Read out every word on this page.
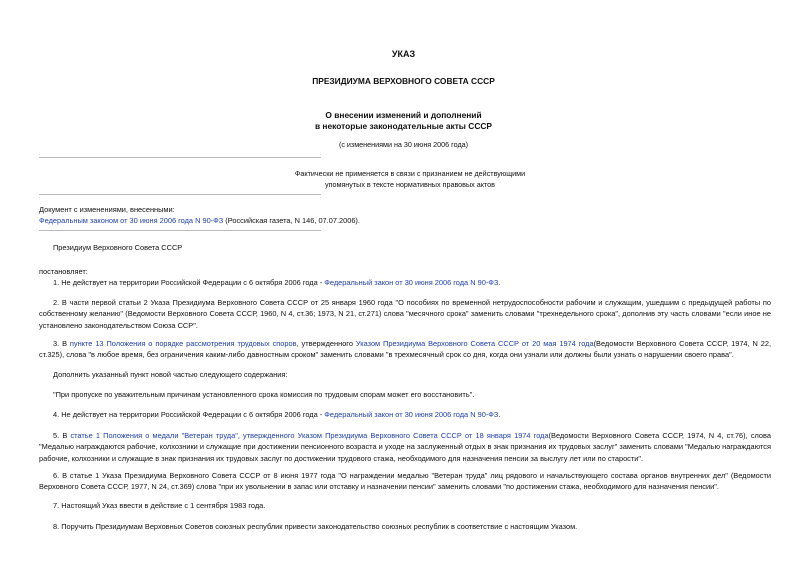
УКАЗ
ПРЕЗИДИУМА ВЕРХОВНОГО СОВЕТА СССР
О внесении изменений и дополнений
в некоторые законодательные акты СССР
(с изменениями на 30 июня 2006 года)
Фактически не применяется в связи с признанием не действующими
упомянутых в тексте нормативных правовых актов
Документ с изменениями, внесенными:
Федеральным законом от 30 июня 2006 года N 90-ФЗ (Российская газета, N 146, 07.07.2006).
Президиум Верховного Совета СССР
постановляет:
1. Не действует на территории Российской Федерации с 6 октября 2006 года - Федеральный закон от 30 июня 2006 года N 90-ФЗ.
2. В части первой статьи 2 Указа Президиума Верховного Совета СССР от 25 января 1960 года "О пособиях по временной нетрудоспособности рабочим и служащим, ушедшим с предыдущей работы по собственному желанию" (Ведомости Верховного Совета СССР, 1960, N 4, ст.36; 1973, N 21, ст.271) слова "месячного срока" заменить словами "трехнедельного срока", дополнив эту часть словами "если иное не установлено законодательством Союза ССР".
3. В пункте 13 Положения о порядке рассмотрения трудовых споров, утвержденного Указом Президиума Верховного Совета СССР от 20 мая 1974 года(Ведомости Верховного Совета СССР, 1974, N 22, ст.325), слова "в любое время, без ограничения каким-либо давностным сроком" заменить словами "в трехмесячный срок со дня, когда они узнали или должны были узнать о нарушении своего права".
Дополнить указанный пункт новой частью следующего содержания:
"При пропуске по уважительным причинам установленного срока комиссия по трудовым спорам может его восстановить".
4. Не действует на территории Российской Федерации с 6 октября 2006 года - Федеральный закон от 30 июня 2006 года N 90-ФЗ.
5. В статье 1 Положения о медали "Ветеран труда", утвержденного Указом Президиума Верховного Совета СССР от 18 января 1974 года(Ведомости Верховного Совета СССР, 1974, N 4, ст.76), слова "Медалью награждаются рабочие, колхозники и служащие при достижении пенсионного возраста и уходе на заслуженный отдых в знак признания их трудовых заслуг" заменить словами "Медалью награждаются рабочие, колхозники и служащие в знак признания их трудовых заслуг по достижении трудового стажа, необходимого для назначения пенсии за выслугу лет или по старости".
6. В статье 1 Указа Президиума Верховного Совета СССР от 8 июня 1977 года "О награждении медалью "Ветеран труда" лиц рядового и начальствующего состава органов внутренних дел" (Ведомости Верховного Совета СССР, 1977, N 24, ст.369) слова "при их увольнении в запас или отставку и назначении пенсии" заменить словами "по достижении стажа, необходимого для назначения пенсии".
7. Настоящий Указ ввести в действие с 1 сентября 1983 года.
8. Поручить Президиумам Верховных Советов союзных республик привести законодательство союзных республик в соответствие с настоящим Указом.
